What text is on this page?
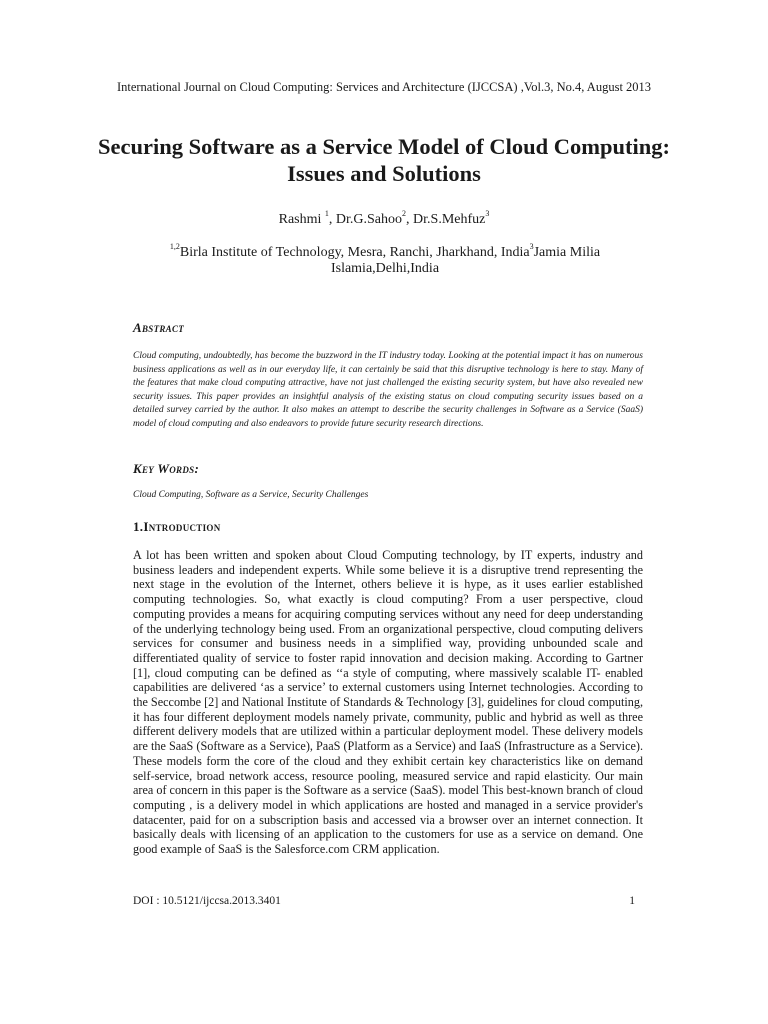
International Journal on Cloud Computing: Services and Architecture (IJCCSA) ,Vol.3, No.4, August 2013
Securing Software as a Service Model of Cloud Computing: Issues and Solutions
Rashmi $^1$, Dr.G.Sahoo$^2$, Dr.S.Mehfuz$^3$
$^{1,2}$Birla Institute of Technology, Mesra, Ranchi, Jharkhand, India$^3$Jamia Milia Islamia,Delhi,India
Abstract
Cloud computing, undoubtedly, has become the buzzword in the IT industry today. Looking at the potential impact it has on numerous business applications as well as in our everyday life, it can certainly be said that this disruptive technology is here to stay. Many of the features that make cloud computing attractive, have not just challenged the existing security system, but have also revealed new security issues. This paper provides an insightful analysis of the existing status on cloud computing security issues based on a detailed survey carried by the author. It also makes an attempt to describe the security challenges in Software as a Service (SaaS) model of cloud computing and also endeavors to provide future security research directions.
Key Words:
Cloud Computing, Software as a Service, Security Challenges
1.Introduction
A lot has been written and spoken about Cloud Computing technology, by IT experts, industry and business leaders and independent experts. While some believe it is a disruptive trend representing the next stage in the evolution of the Internet, others believe it is hype, as it uses earlier established computing technologies. So, what exactly is cloud computing? From a user perspective, cloud computing provides a means for acquiring computing services without any need for deep understanding of the underlying technology being used. From an organizational perspective, cloud computing delivers services for consumer and business needs in a simplified way, providing unbounded scale and differentiated quality of service to foster rapid innovation and decision making. According to Gartner [1], cloud computing can be defined as ‘‘a style of computing, where massively scalable IT- enabled capabilities are delivered ‘as a service’ to external customers using Internet technologies. According to the Seccombe [2] and National Institute of Standards & Technology [3], guidelines for cloud computing, it has four different deployment models namely private, community, public and hybrid as well as three different delivery models that are utilized within a particular deployment model. These delivery models are the SaaS (Software as a Service), PaaS (Platform as a Service) and IaaS (Infrastructure as a Service). These models form the core of the cloud and they exhibit certain key characteristics like on demand self-service, broad network access, resource pooling, measured service and rapid elasticity. Our main area of concern in this paper is the Software as a service (SaaS). model This best-known branch of cloud computing , is a delivery model in which applications are hosted and managed in a service provider's datacenter, paid for on a subscription basis and accessed via a browser over an internet connection. It basically deals with licensing of an application to the customers for use as a service on demand. One good example of SaaS is the Salesforce.com CRM application.
DOI : 10.5121/ijccsa.2013.3401	1
